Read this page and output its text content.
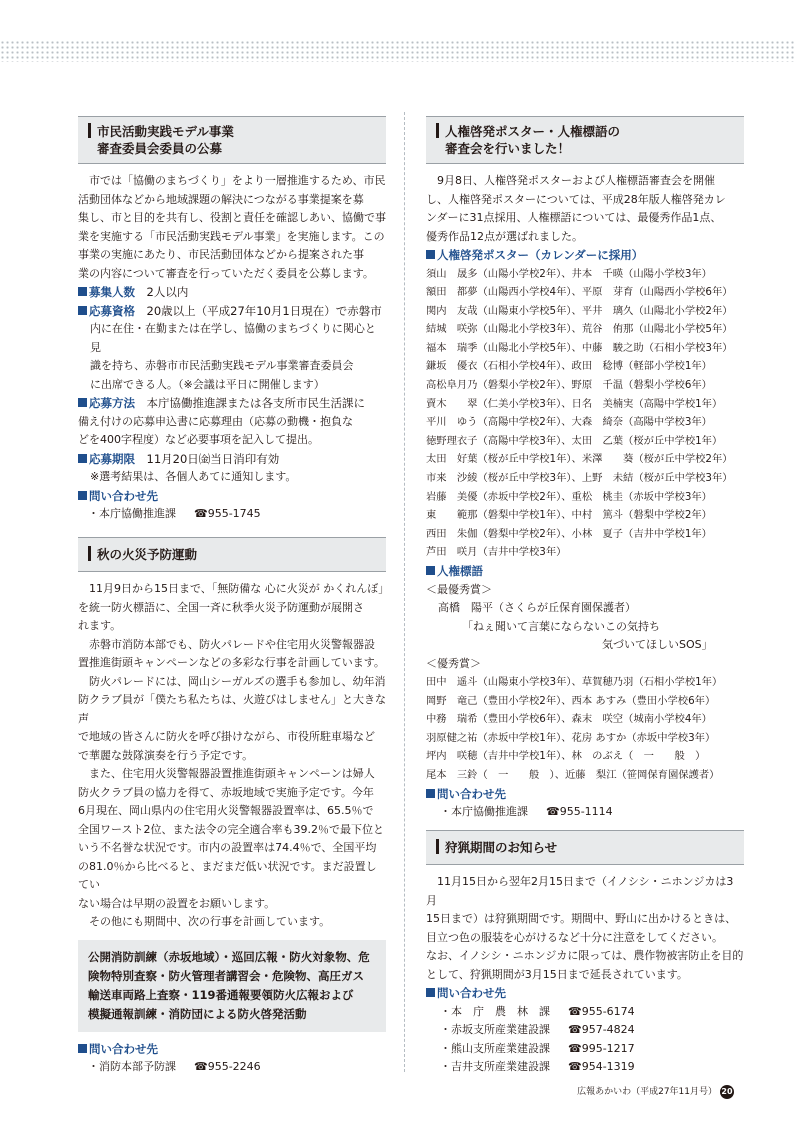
市民活動実践モデル事業
審査委員会委員の公募

市では「協働のまちづくり」をより一層推進するため、市民

活動団体などから地域課題の解決につながる事業提案を募

集し、市と目的を共有し、役割と責任を確認しあい、協働で事

業を実施する「市民活動実践モデル事業」を実施します。この

事業の実施にあたり、市民活動団体などから提案された事

業の内容について審査を行っていただく委員を公募します。

募集人数　 2人以内
応募資格　 20歳以上（平成27年10月1日現在）で赤磐市

内に在住・在勤または在学し、協働のまちづくりに関心と見

識を持ち、赤磐市市民活動実践モデル事業審査委員会

に出席できる人。（※会議は平日に開催します）

応募方法　 本庁協働推進課または各支所市民生活課に

備え付けの応募申込書に応募理由（応募の動機・抱負な

どを400字程度）など必要事項を記入して提出。

応募期限　 11月20日㈮当日消印有効

※選考結果は、各個人あてに通知します。

問い合わせ先

・本庁協働推進課 ☎955-1745

秋の火災予防運動

11月9日から15日まで、「無防備な 心に火災が かくれんぼ」

を統一防火標語に、全国一斉に秋季火災予防運動が展開さ

れます。

赤磐市消防本部でも、防火パレードや住宅用火災警報器設

置推進街頭キャンペーンなどの多彩な行事を計画しています。

防火パレードには、岡山シーガルズの選手も参加し、幼年消

防クラブ員が「僕たち私たちは、火遊びはしません」と大きな声

で地域の皆さんに防火を呼び掛けながら、市役所駐車場など

で華麗な鼓隊演奏を行う予定です。

また、住宅用火災警報器設置推進街頭キャンペーンは婦人

防火クラブ員の協力を得て、赤坂地域で実施予定です。今年

6月現在、岡山県内の住宅用火災警報器設置率は、65.5％で

全国ワースト2位、また法令の完全適合率も39.2％で最下位と

いう不名誉な状況です。市内の設置率は74.4％で、全国平均

の81.0％から比べると、まだまだ低い状況です。まだ設置してい

ない場合は早期の設置をお願いします。

その他にも期間中、次の行事を計画しています。

公開消防訓練（赤坂地域）・巡回広報・防火対象物、危
険物特別査察・防火管理者講習会・危険物、高圧ガス
輸送車両路上査察・119番通報要領防火広報および
模擬通報訓練・消防団による防火啓発活動
問い合わせ先

・消防本部予防課 ☎955-2246

人権啓発ポスター・人権標語の
審査会を行いました！

9月8日、人権啓発ポスターおよび人権標語審査会を開催

し、人権啓発ポスターについては、平成28年版人権啓発カレ

ンダーに31点採用、人権標語については、最優秀作品1点、

優秀作品12点が選ばれました。

人権啓発ポスター（カレンダーに採用）
須山　晟多（山陽小学校2年）、井本　千暎（山陽小学校3年）
額田　都夢（山陽西小学校4年）、平原　芽育（山陽西小学校6年）
関内　友哉（山陽東小学校5年）、平井　璃久（山陽北小学校2年）
結城　咲弥（山陽北小学校3年）、荒谷　侑那（山陽北小学校5年）
福本　瑞季（山陽北小学校5年）、中藤　駿之助（石相小学校3年）
鎌坂　優衣（石相小学校4年）、政田　稔博（軽部小学校1年）
高松阜月乃（磐梨小学校2年）、野原　千温（磐梨小学校6年）
賣木　　翠（仁美小学校3年）、日名　美楠実（高陽中学校1年）
平川　ゆう（高陽中学校2年）、大森　綺奈（高陽中学校3年）
徳野理衣子（高陽中学校3年）、太田　乙葉（桜が丘中学校1年）
太田　好葉（桜が丘中学校1年）、米澤　　葵（桜が丘中学校2年）
市来　沙綾（桜が丘中学校3年）、上野　未結（桜が丘中学校3年）
岩藤　美優（赤坂中学校2年）、重松　桃圭（赤坂中学校3年）
東　　範那（磐梨中学校1年）、中村　篤斗（磐梨中学校2年）
西田　朱伽（磐梨中学校2年）、小林　夏子（吉井中学校1年）
芦田　咲月（吉井中学校3年）
人権標語

＜最優秀賞＞

高橋　陽平（さくらが丘保育園保護者）

「ねぇ聞いて言葉にならないこの気持ち

気づいてほしいSOS」

＜優秀賞＞

田中　遥斗（山陽東小学校3年）、草賀穂乃羽（石相小学校1年）
岡野　竜己（豊田小学校2年）、西本 あすみ（豊田小学校6年）
中務　瑞希（豊田小学校6年）、森末　咲空（城南小学校4年）
羽原健之祐（赤坂中学校1年）、花房 あすか（赤坂中学校3年）
坪内　咲穂（吉井中学校1年）、林　のぶえ（　一　　般　）
尾本　三鈴（　一　　般　）、近藤　梨江（笹岡保育園保護者）
問い合わせ先

・本庁協働推進課 ☎955-1114

狩猟期間のお知らせ

11月15日から翌年2月15日まで（イノシシ・ニホンジカは3月

15日まで）は狩猟期間です。期間中、野山に出かけるときは、

目立つ色の服装を心がけるなど十分に注意をしてください。

なお、イノシシ・ニホンジカに限っては、農作物被害防止を目的

として、狩猟期間が3月15日まで延長されています。

問い合わせ先

・本　庁　農　林　課 ☎955-6174

・赤坂支所産業建設課 ☎957-4824

・熊山支所産業建設課 ☎995-1217

・吉井支所産業建設課 ☎954-1319

広報あかいわ（平成27年11月号） 20
